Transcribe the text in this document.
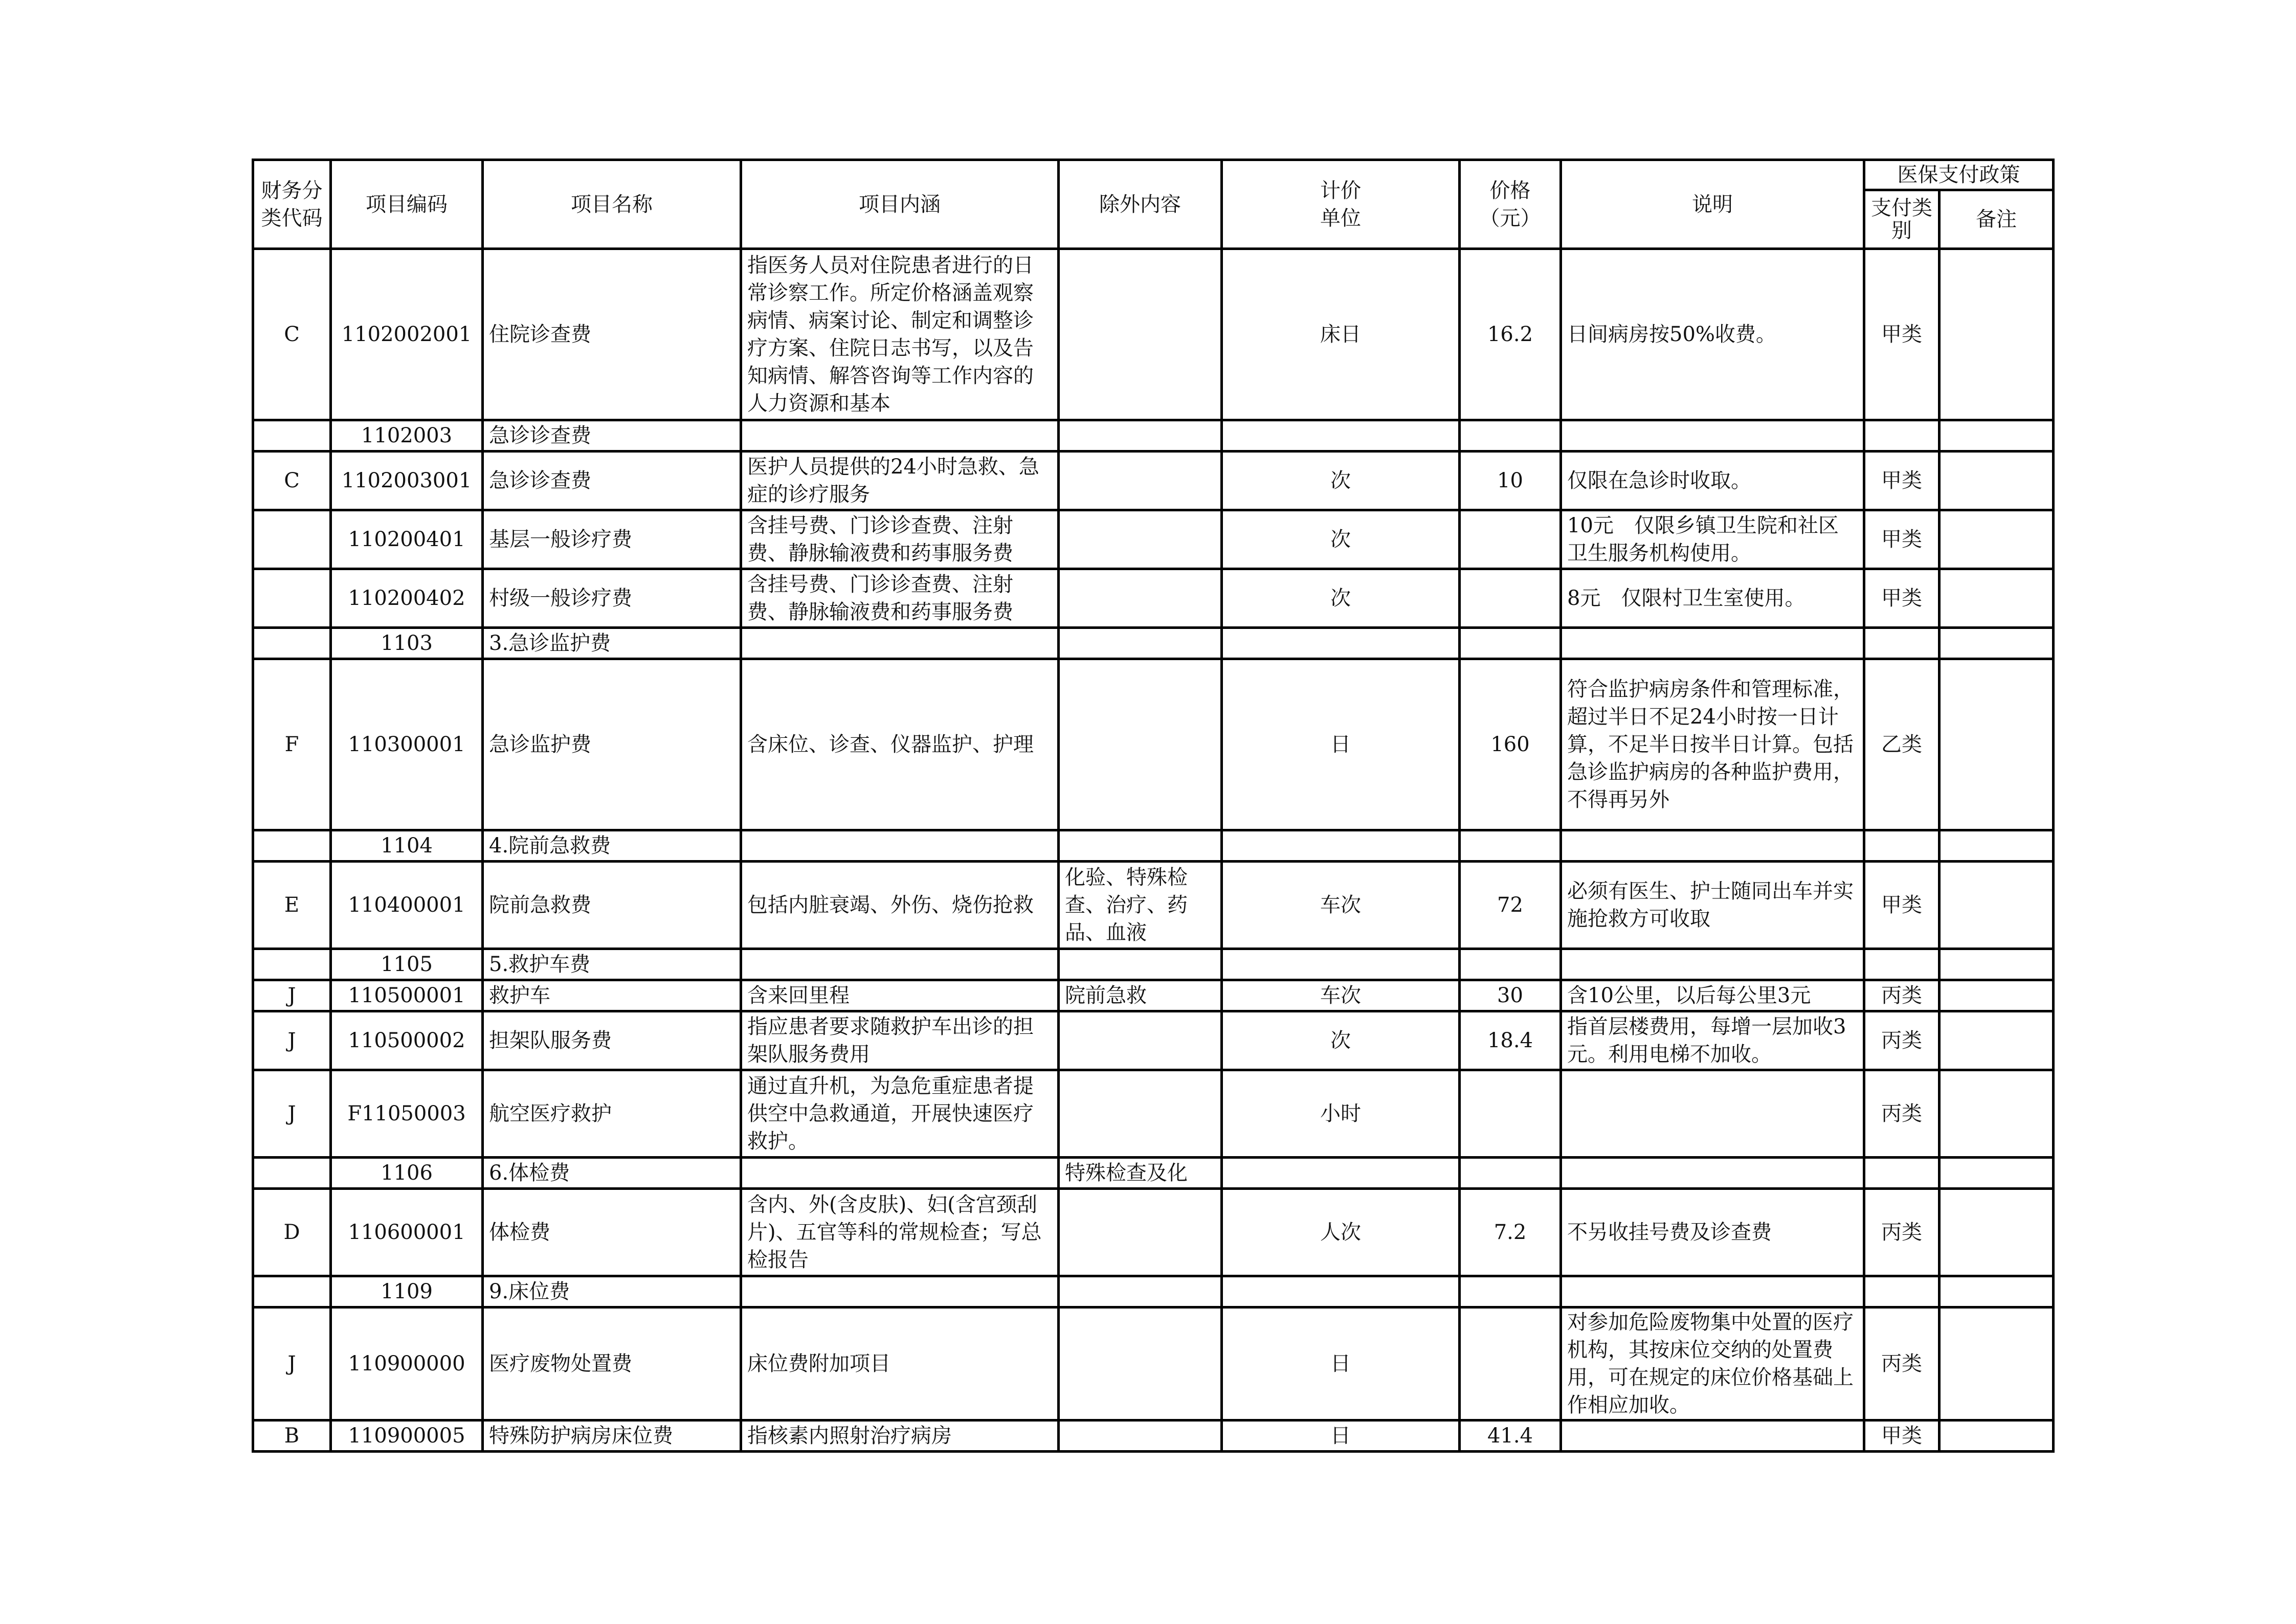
财务分类代码	项目编码	项目名称	项目内涵	除外内容	计价单位	价格（元）	说明	医保支付政策	
								支付类别	备注

C	1102002001	住院诊查费	指医务人员对住院患者进行的日常诊察工作。所定价格涵盖观察病情、病案讨论、制定和调整诊疗方案、住院日志书写，以及告知病情、解答咨询等工作内容的人力资源和基本		床日	16.2	日间病房按50%收费。	甲类	

	1102003	急诊诊查费							

C	1102003001	急诊诊查费	医护人员提供的24小时急救、急症的诊疗服务		次	10	仅限在急诊时收取。	甲类	

	110200401	基层一般诊疗费	含挂号费、门诊诊查费、注射费、静脉输液费和药事服务费		次		10元　仅限乡镇卫生院和社区卫生服务机构使用。	甲类	

	110200402	村级一般诊疗费	含挂号费、门诊诊查费、注射费、静脉输液费和药事服务费		次		8元　仅限村卫生室使用。	甲类	

	1103	3.急诊监护费							

F	110300001	急诊监护费	含床位、诊查、仪器监护、护理		日	160	符合监护病房条件和管理标准，超过半日不足24小时按一日计算，不足半日按半日计算。包括急诊监护病房的各种监护费用，不得再另外	乙类	

	1104	4.院前急救费							

E	110400001	院前急救费	包括内脏衰竭、外伤、烧伤抢救	化验、特殊检查、治疗、药品、血液	车次	72	必须有医生、护士随同出车并实施抢救方可收取	甲类	

	1105	5.救护车费							

J	110500001	救护车	含来回里程	院前急救	车次	30	含10公里，以后每公里3元	丙类	

J	110500002	担架队服务费	指应患者要求随救护车出诊的担架队服务费用		次	18.4	指首层楼费用，每增一层加收3元。利用电梯不加收。	丙类	

J	F11050003	航空医疗救护	通过直升机，为急危重症患者提供空中急救通道，开展快速医疗救护。		小时			丙类	

	1106	6.体检费		特殊检查及化					

D	110600001	体检费	含内、外(含皮肤)、妇(含宫颈刮片)、五官等科的常规检查；写总检报告		人次	7.2	不另收挂号费及诊查费	丙类	

	1109	9.床位费							

J	110900000	医疗废物处置费	床位费附加项目		日		对参加危险废物集中处置的医疗机构，其按床位交纳的处置费用，可在规定的床位价格基础上作相应加收。	丙类	

B	110900005	特殊防护病房床位费	指核素内照射治疗病房		日	41.4		甲类	
